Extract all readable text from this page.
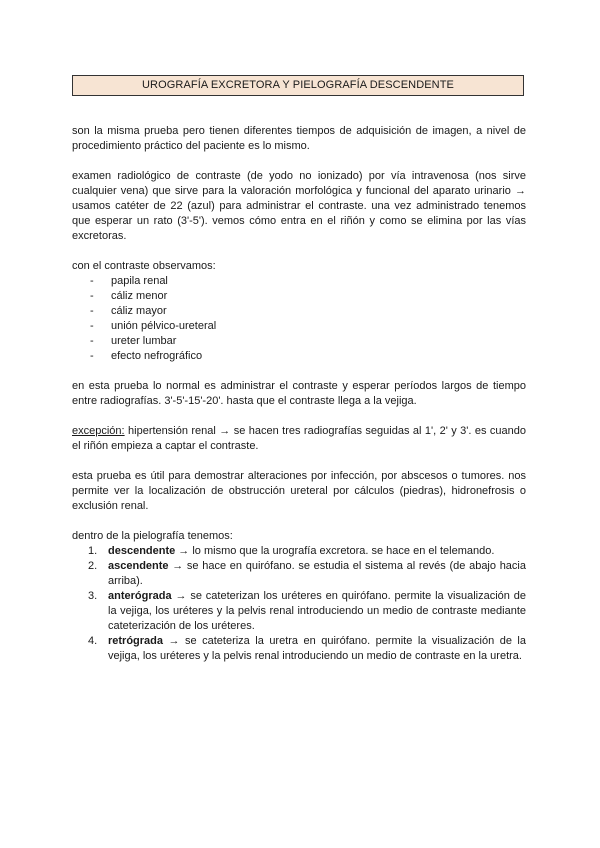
UROGRAFÍA EXCRETORA Y PIELOGRAFÍA DESCENDENTE

son la misma prueba pero tienen diferentes tiempos de adquisición de imagen, a nivel de procedimiento práctico del paciente es lo mismo.

examen radiológico de contraste (de yodo no ionizado) por vía intravenosa (nos sirve cualquier vena) que sirve para la valoración morfológica y funcional del aparato urinario → usamos catéter de 22 (azul) para administrar el contraste. una vez administrado tenemos que esperar un rato (3'-5'). vemos cómo entra en el riñón y como se elimina por las vías excretoras.

con el contraste observamos:

- papila renal
- cáliz menor
- cáliz mayor
- unión pélvico-ureteral
- ureter lumbar
- efecto nefrográfico

en esta prueba lo normal es administrar el contraste y esperar períodos largos de tiempo entre radiografías. 3'-5'-15'-20'. hasta que el contraste llega a la vejiga.

excepción: hipertensión renal → se hacen tres radiografías seguidas al 1', 2' y 3'. es cuando el riñón empieza a captar el contraste.

esta prueba es útil para demostrar alteraciones por infección, por abscesos o tumores. nos permite ver la localización de obstrucción ureteral por cálculos (piedras), hidronefrosis o exclusión renal.

dentro de la pielografía tenemos:

1. descendente → lo mismo que la urografía excretora. se hace en el telemando.
2. ascendente → se hace en quirófano. se estudia el sistema al revés (de abajo hacia arriba).
3. anterógrada → se cateterizan los uréteres en quirófano. permite la visualización de la vejiga, los uréteres y la pelvis renal introduciendo un medio de contraste mediante cateterización de los uréteres.
4. retrógrada → se cateteriza la uretra en quirófano. permite la visualización de la vejiga, los uréteres y la pelvis renal introduciendo un medio de contraste en la uretra.
